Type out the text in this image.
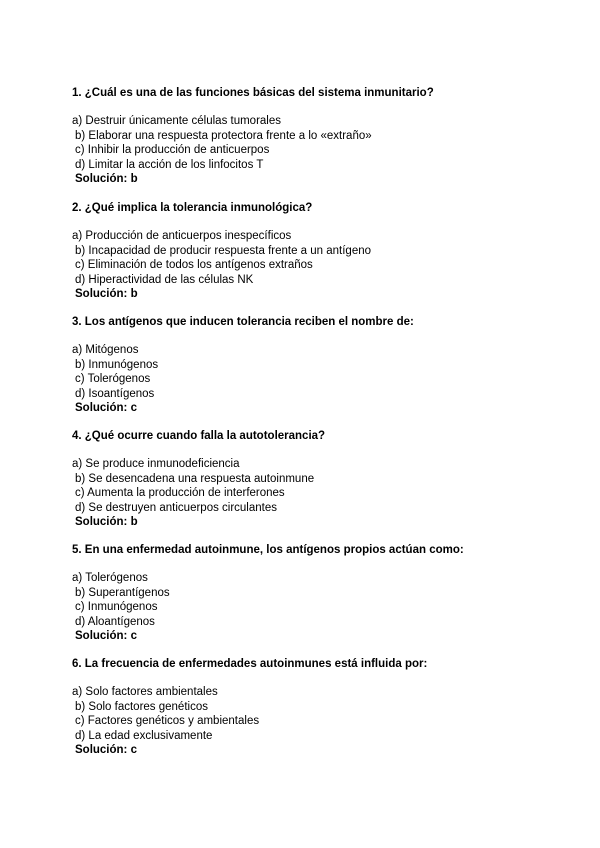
1. ¿Cuál es una de las funciones básicas del sistema inmunitario?
a) Destruir únicamente células tumorales
b) Elaborar una respuesta protectora frente a lo «extraño»
c) Inhibir la producción de anticuerpos
d) Limitar la acción de los linfocitos T
Solución: b
2. ¿Qué implica la tolerancia inmunológica?
a) Producción de anticuerpos inespecíficos
b) Incapacidad de producir respuesta frente a un antígeno
c) Eliminación de todos los antígenos extraños
d) Hiperactividad de las células NK
Solución: b
3. Los antígenos que inducen tolerancia reciben el nombre de:
a) Mitógenos
b) Inmunógenos
c) Tolerógenos
d) Isoantígenos
Solución: c
4. ¿Qué ocurre cuando falla la autotolerancia?
a) Se produce inmunodeficiencia
b) Se desencadena una respuesta autoinmune
c) Aumenta la producción de interferones
d) Se destruyen anticuerpos circulantes
Solución: b
5. En una enfermedad autoinmune, los antígenos propios actúan como:
a) Tolerógenos
b) Superantígenos
c) Inmunógenos
d) Aloantígenos
Solución: c
6. La frecuencia de enfermedades autoinmunes está influida por:
a) Solo factores ambientales
b) Solo factores genéticos
c) Factores genéticos y ambientales
d) La edad exclusivamente
Solución: c
